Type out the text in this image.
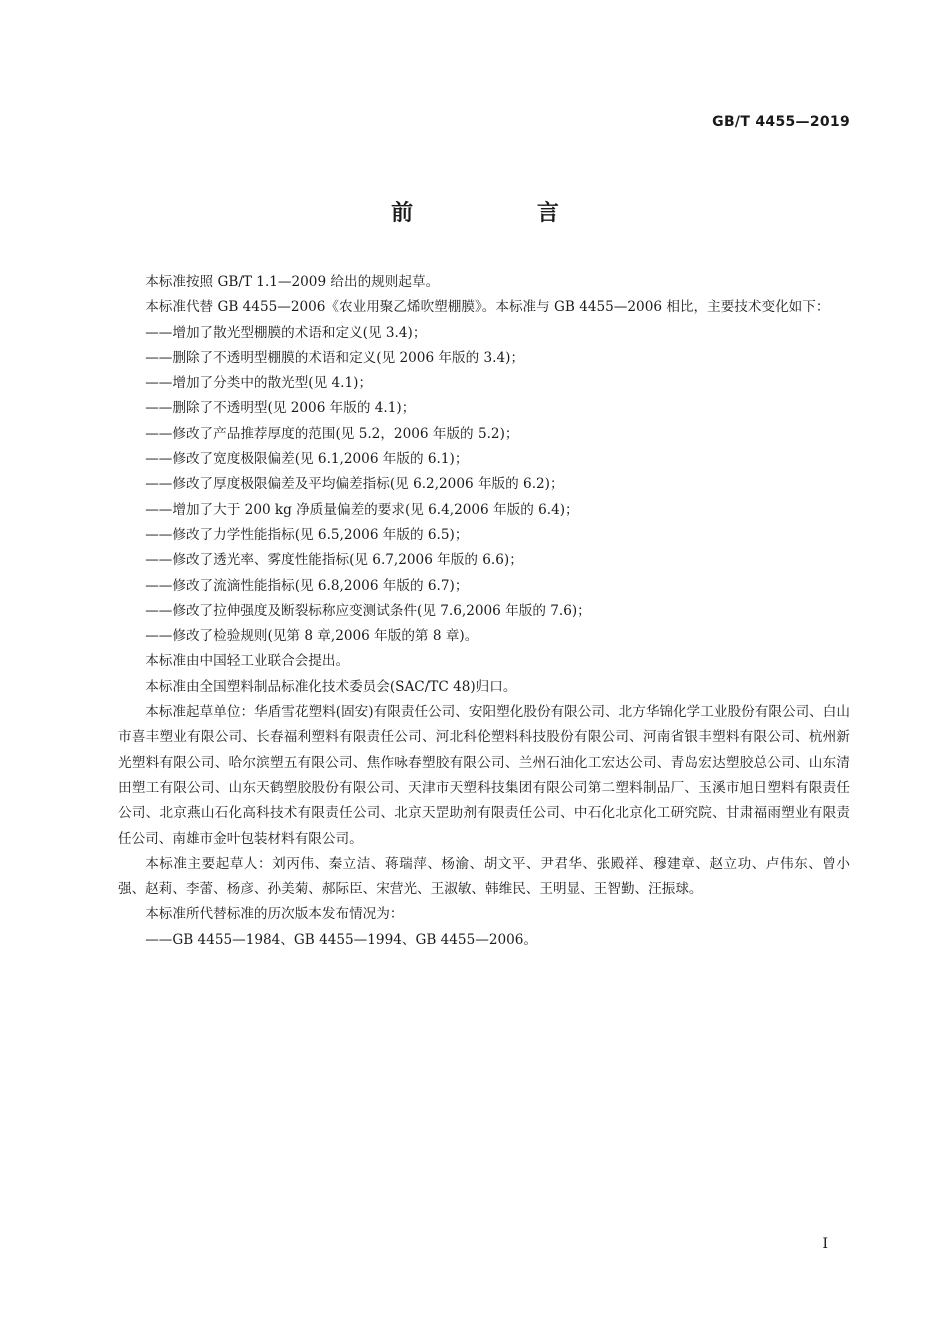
GB/T 4455—2019
前 言

本标准按照 GB/T 1.1—2009 给出的规则起草。

本标准代替 GB 4455—2006《农业用聚乙烯吹塑棚膜》。本标准与 GB 4455—2006 相比，主要技术变化如下：

——增加了散光型棚膜的术语和定义(见 3.4)；

——删除了不透明型棚膜的术语和定义(见 2006 年版的 3.4)；

——增加了分类中的散光型(见 4.1)；

——删除了不透明型(见 2006 年版的 4.1)；

——修改了产品推荐厚度的范围(见 5.2，2006 年版的 5.2)；

——修改了宽度极限偏差(见 6.1,2006 年版的 6.1)；

——修改了厚度极限偏差及平均偏差指标(见 6.2,2006 年版的 6.2)；

——增加了大于 200 kg 净质量偏差的要求(见 6.4,2006 年版的 6.4)；

——修改了力学性能指标(见 6.5,2006 年版的 6.5)；

——修改了透光率、雾度性能指标(见 6.7,2006 年版的 6.6)；

——修改了流滴性能指标(见 6.8,2006 年版的 6.7)；

——修改了拉伸强度及断裂标称应变测试条件(见 7.6,2006 年版的 7.6)；

——修改了检验规则(见第 8 章,2006 年版的第 8 章)。

本标准由中国轻工业联合会提出。

本标准由全国塑料制品标准化技术委员会(SAC/TC 48)归口。

本标准起草单位：华盾雪花塑料(固安)有限责任公司、安阳塑化股份有限公司、北方华锦化学工业股份有限公司、白山市喜丰塑业有限公司、长春福利塑料有限责任公司、河北科伦塑料科技股份有限公司、河南省银丰塑料有限公司、杭州新光塑料有限公司、哈尔滨塑五有限公司、焦作咏春塑胶有限公司、兰州石油化工宏达公司、青岛宏达塑胶总公司、山东清田塑工有限公司、山东天鹤塑胶股份有限公司、天津市天塑科技集团有限公司第二塑料制品厂、玉溪市旭日塑料有限责任公司、北京燕山石化高科技术有限责任公司、北京天罡助剂有限责任公司、中石化北京化工研究院、甘肃福雨塑业有限责任公司、南雄市金叶包装材料有限公司。

本标准主要起草人：刘丙伟、秦立洁、蒋瑞萍、杨渝、胡文平、尹君华、张殿祥、穆建章、赵立功、卢伟东、曾小强、赵莉、李蕾、杨彦、孙美菊、郝际臣、宋营光、王淑敏、韩维民、王明显、王智勤、汪振球。

本标准所代替标准的历次版本发布情况为：

——GB 4455—1984、GB 4455—1994、GB 4455—2006。

I
